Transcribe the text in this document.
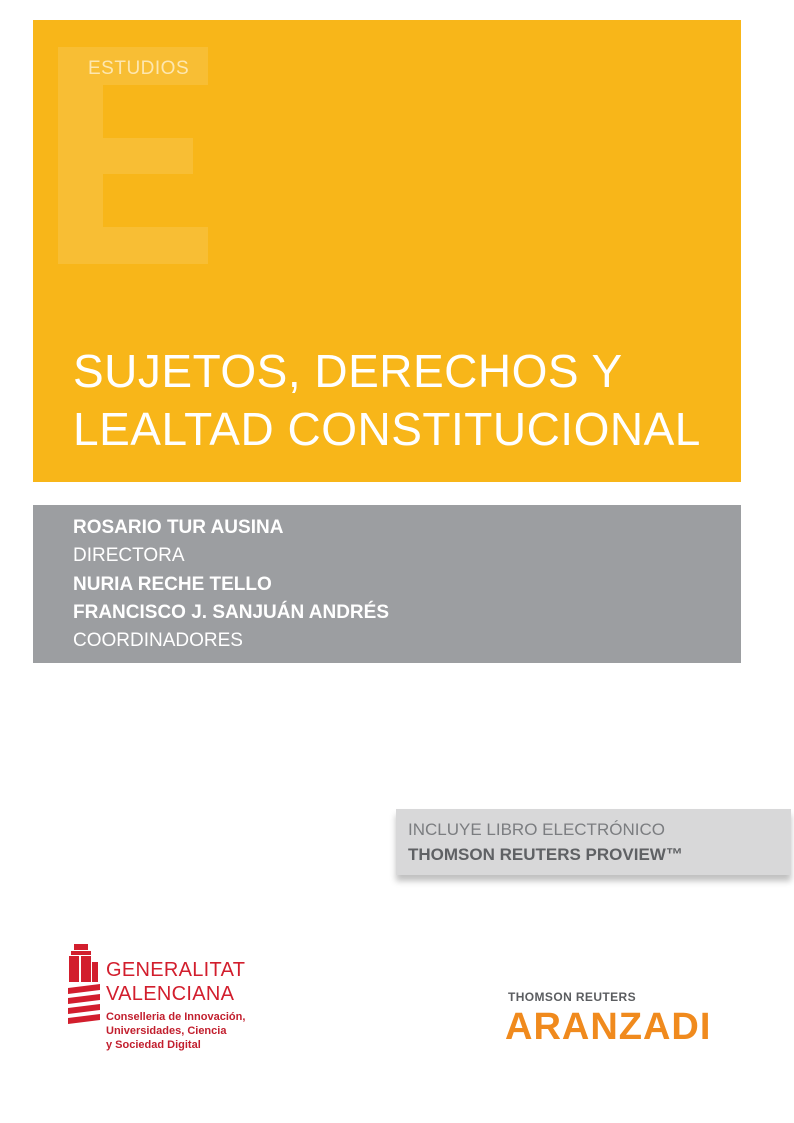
ESTUDIOS
SUJETOS, DERECHOS Y
LEALTAD CONSTITUCIONAL
ROSARIO TUR AUSINA
DIRECTORA
NURIA RECHE TELLO
FRANCISCO J. SANJUÁN ANDRÉS
COORDINADORES
INCLUYE LIBRO ELECTRÓNICO
THOMSON REUTERS PROVIEW™
GENERALITAT
VALENCIANA
Conselleria de Innovación,
Universidades, Ciencia
y Sociedad Digital
THOMSON REUTERS
ARANZADI
